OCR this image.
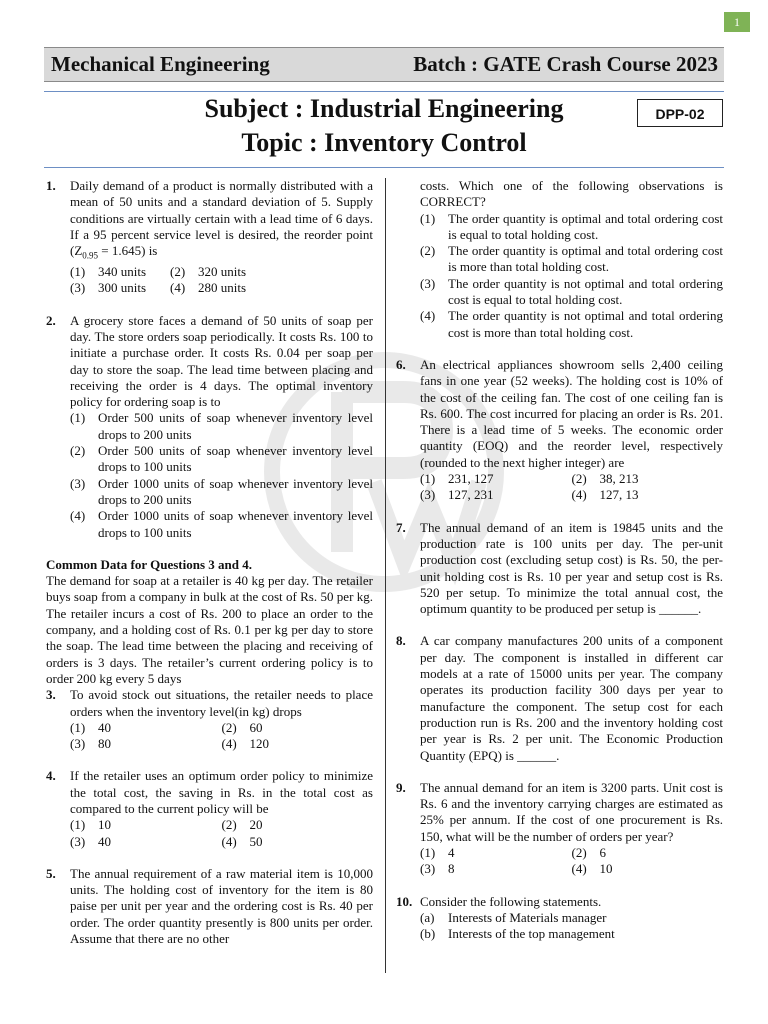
1
Mechanical Engineering	Batch : GATE Crash Course 2023
Subject : Industrial Engineering
Topic : Inventory Control
DPP-02
1.	Daily demand of a product is normally distributed with a mean of 50 units and a standard deviation of 5. Supply conditions are virtually certain with a lead time of 6 days. If a 95 percent service level is desired, the reorder point $(Z_{0.95} = 1.645)$ is
(1) 340 units (2) 320 units
(3) 300 units (4) 280 units
2.	A grocery store faces a demand of 50 units of soap per day. The store orders soap periodically. It costs Rs. 100 to initiate a purchase order. It costs Rs. 0.04 per soap per day to store the soap. The lead time between placing and receiving the order is 4 days. The optimal inventory policy for ordering soap is to
(1) Order 500 units of soap whenever inventory level drops to 200 units
(2) Order 500 units of soap whenever inventory level drops to 100 units
(3) Order 1000 units of soap whenever inventory level drops to 200 units
(4) Order 1000 units of soap whenever inventory level drops to 100 units
Common Data for Questions 3 and 4.
The demand for soap at a retailer is 40 kg per day. The retailer buys soap from a company in bulk at the cost of Rs. 50 per kg. The retailer incurs a cost of Rs. 200 to place an order to the company, and a holding cost of Rs. 0.1 per kg per day to store the soap. The lead time between the placing and receiving of orders is 3 days. The retailer’s current ordering policy is to order 200 kg every 5 days
3.	To avoid stock out situations, the retailer needs to place orders when the inventory level(in kg) drops
(1) 40	(2) 60
(3) 80	(4) 120
4.	If the retailer uses an optimum order policy to minimize the total cost, the saving in Rs. in the total cost as compared to the current policy will be
(1) 10	(2) 20
(3) 40	(4) 50
5.	The annual requirement of a raw material item is 10,000 units. The holding cost of inventory for the item is 80 paise per unit per year and the ordering cost is Rs. 40 per order. The order quantity presently is 800 units per order. Assume that there are no other
costs. Which one of the following observations is CORRECT?
(1) The order quantity is optimal and total ordering cost is equal to total holding cost.
(2) The order quantity is optimal and total ordering cost is more than total holding cost.
(3) The order quantity is not optimal and total ordering cost is equal to total holding cost.
(4) The order quantity is not optimal and total ordering cost is more than total holding cost.
6.	An electrical appliances showroom sells 2,400 ceiling fans in one year (52 weeks). The holding cost is 10% of the cost of the ceiling fan. The cost of one ceiling fan is Rs. 600. The cost incurred for placing an order is Rs. 201. There is a lead time of 5 weeks. The economic order quantity (EOQ) and the reorder level, respectively (rounded to the next higher integer) are
(1) 231, 127	(2) 38, 213
(3) 127, 231	(4) 127, 13
7.	The annual demand of an item is 19845 units and the production rate is 100 units per day. The per-unit production cost (excluding setup cost) is Rs. 50, the per-unit holding cost is Rs. 10 per year and setup cost is Rs. 520 per setup. To minimize the total annual cost, the optimum quantity to be produced per setup is ______.
8.	A car company manufactures 200 units of a component per day. The component is installed in different car models at a rate of 15000 units per year. The company operates its production facility 300 days per year to manufacture the component. The setup cost for each production run is Rs. 200 and the inventory holding cost per year is Rs. 2 per unit. The Economic Production Quantity (EPQ) is ______.
9.	The annual demand for an item is 3200 parts. Unit cost is Rs. 6 and the inventory carrying charges are estimated as 25% per annum. If the cost of one procurement is Rs. 150, what will be the number of orders per year?
(1) 4	(2) 6
(3) 8	(4) 10
10. Consider the following statements.
(a)	Interests of Materials manager
(b) Interests of the top management
